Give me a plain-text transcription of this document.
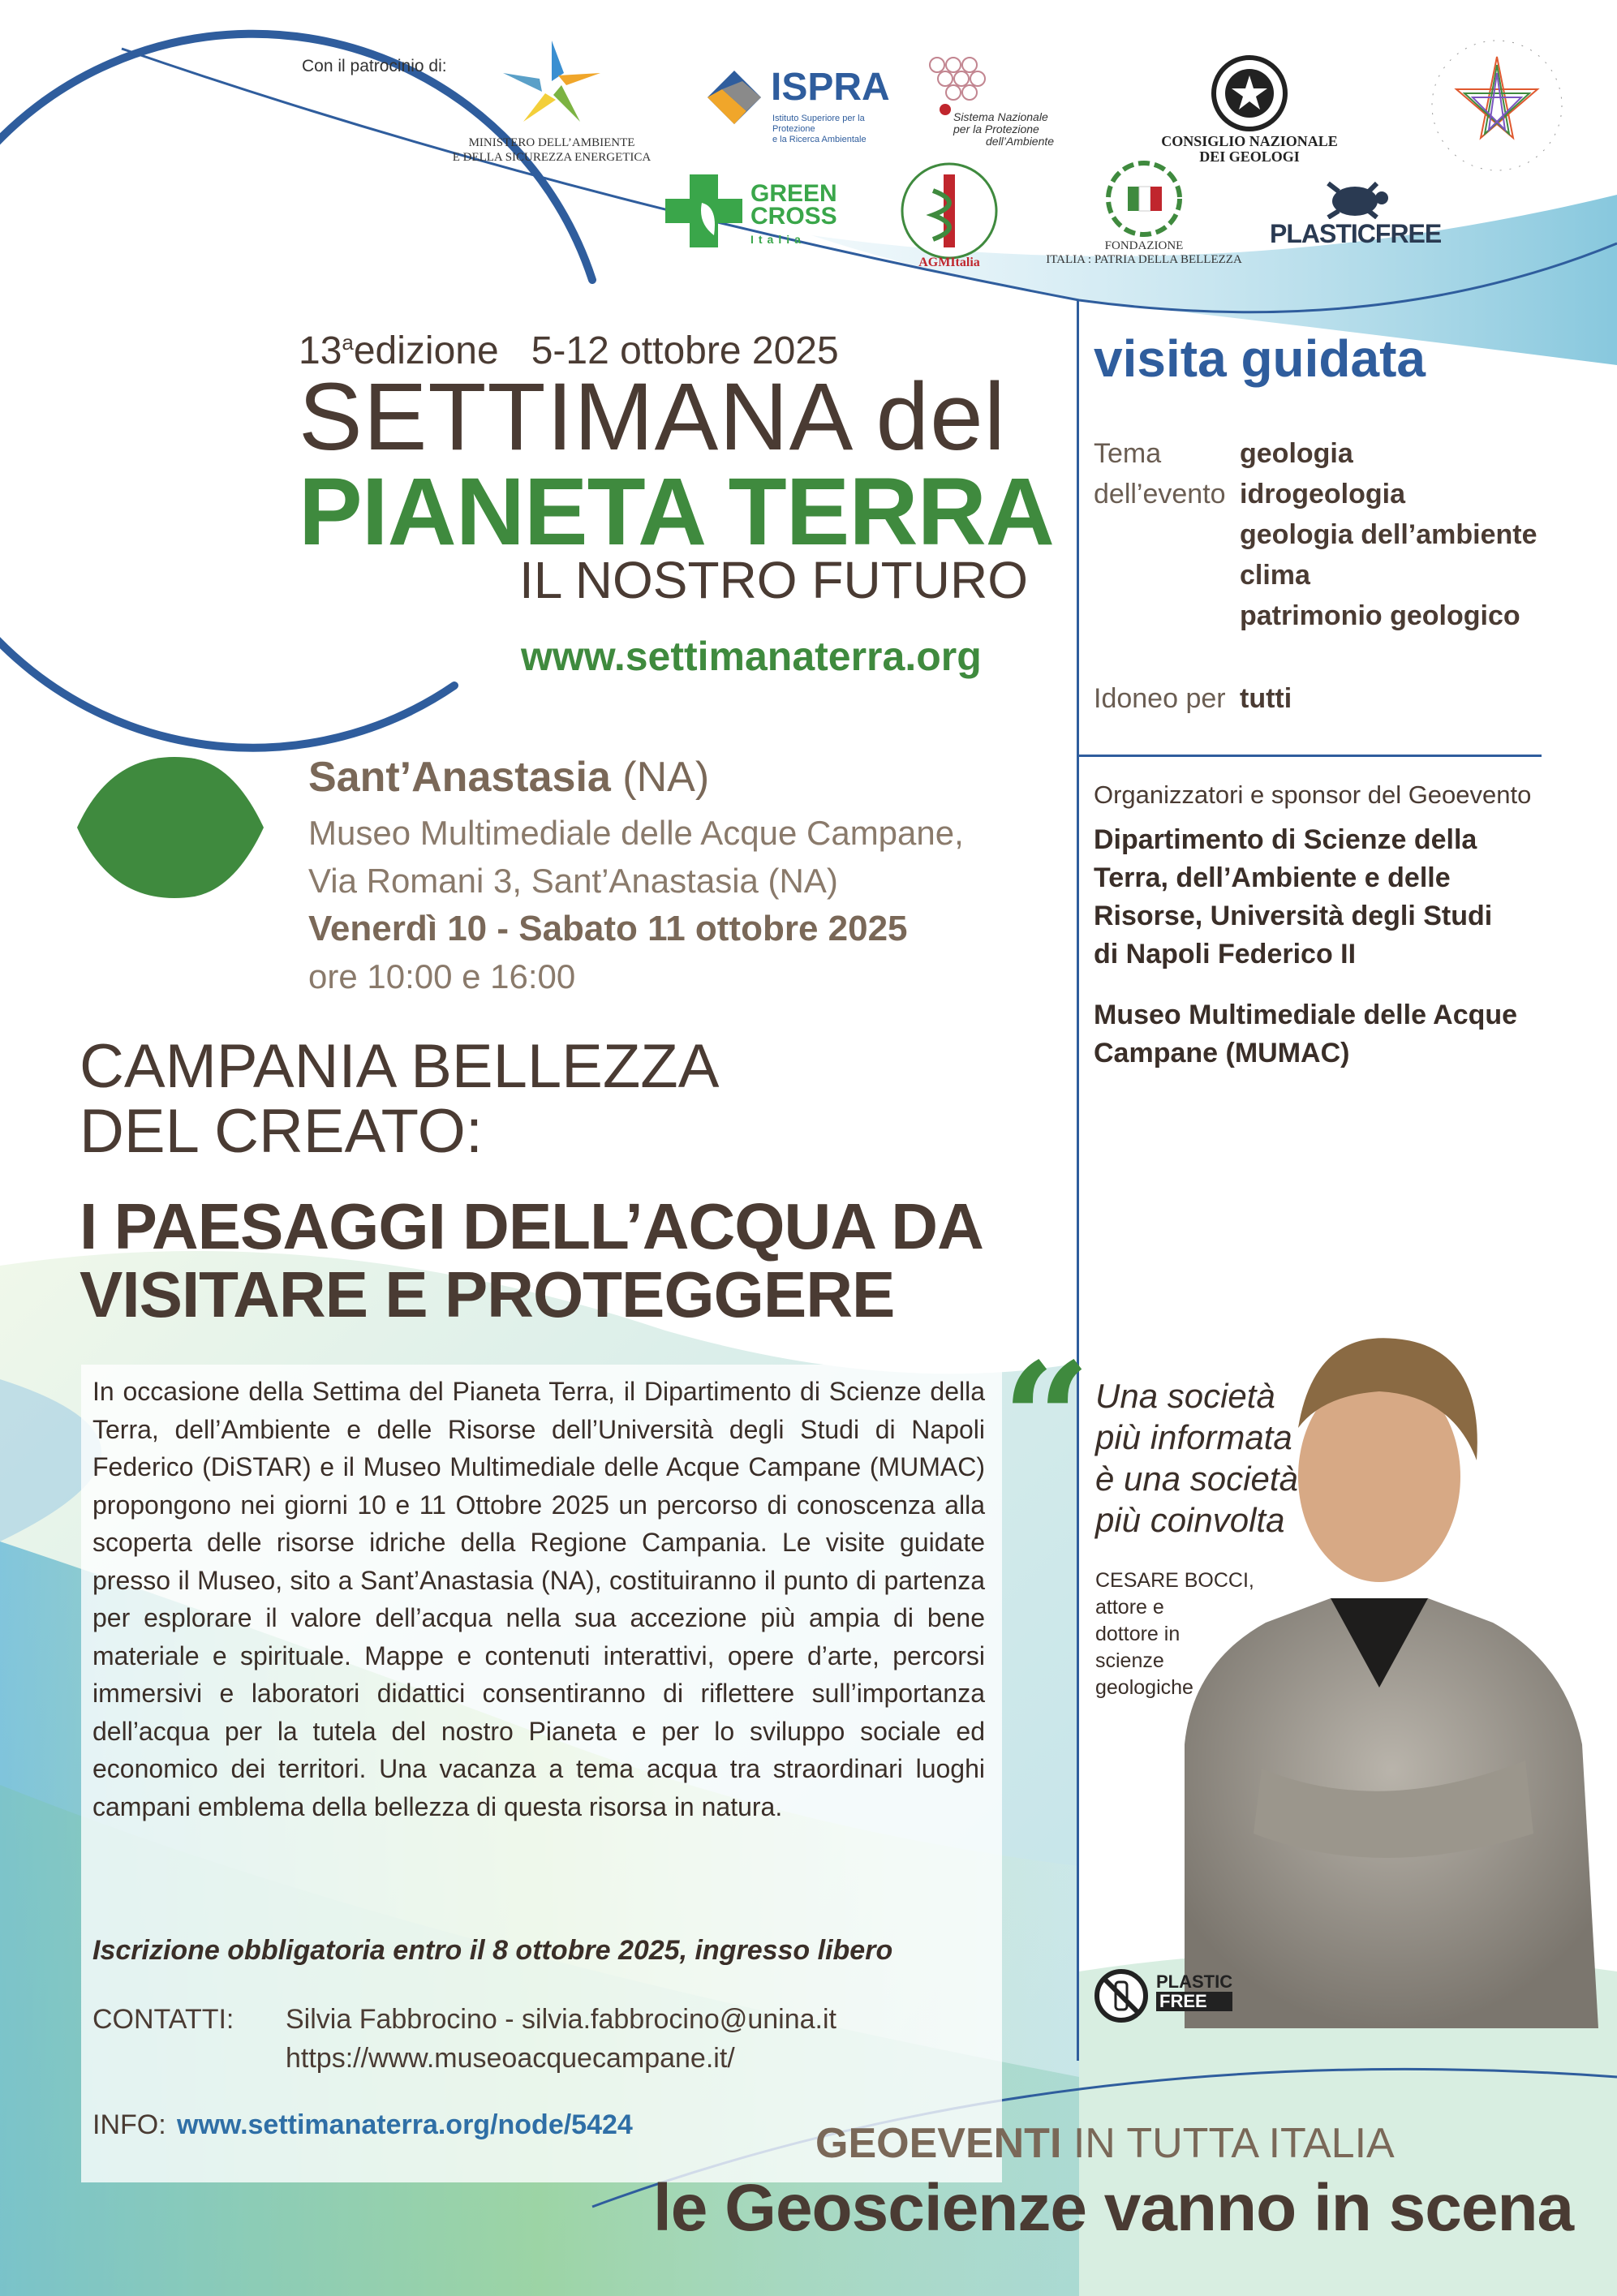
Con il patrocinio di:
MINISTERO DELL’AMBIENTE
E DELLA SICUREZZA ENERGETICA
ISPRA
Istituto Superiore per la Protezione
e la Ricerca Ambientale
Sistema Nazionale
per la Protezione
dell’Ambiente	CONSIGLIO NAZIONALE
DEI GEOLOGI
GREEN
CROSS
Italia
AGMItalia
FONDAZIONE
ITALIA : PATRIA DELLA BELLEZZA
PLASTICFREE
13$^a$edizione 5-12 ottobre 2025
SETTIMANA del
PIANETA TERRA
IL NOSTRO FUTURO
www.settimanaterra.org
Sant’Anastasia (NA)
Museo Multimediale delle Acque Campane,
Via Romani 3, Sant’Anastasia (NA)
Venerdì 10 - Sabato 11 ottobre 2025
ore 10:00 e 16:00
CAMPANIA BELLEZZA
DEL CREATO:
I PAESAGGI DELL’ACQUA DA
VISITARE E PROTEGGERE
In occasione della Settima del Pianeta Terra, il Dipartimento di Scienze della Terra, dell’Ambiente e delle Risorse dell’Università degli Studi di Napoli Federico (DiSTAR) e il Museo Multimediale delle Acque Campane (MUMAC) propongono nei giorni 10 e 11 Ottobre 2025 un percorso di conoscenza alla scoperta delle risorse idriche della Regione Campania. Le visite guidate presso il Museo, sito a Sant’Anastasia (NA), costituiranno il punto di partenza per esplorare il valore dell’acqua nella sua accezione più ampia di bene materiale e spirituale. Mappe e contenuti interattivi, opere d’arte, percorsi immersivi e laboratori didattici consentiranno di riflettere sull’importanza dell’acqua per la tutela del nostro Pianeta e per lo sviluppo sociale ed economico dei territori. Una vacanza a tema acqua tra straordinari luoghi campani emblema della bellezza di questa risorsa in natura.
Iscrizione obbligatoria entro il 8 ottobre 2025, ingresso libero
CONTATTI: Silvia Fabbrocino - silvia.fabbrocino@unina.it
https://www.museoacquecampane.it/
INFO: www.settimanaterra.org/node/5424
visita guidata
Tema
dell’evento
geologia
idrogeologia
geologia dell’ambiente
clima
patrimonio geologico
Idoneo per tutti
Organizzatori e sponsor del Geoevento
Dipartimento di Scienze della
Terra, dell’Ambiente e delle
Risorse, Università degli Studi
di Napoli Federico II
Museo Multimediale delle Acque
Campane (MUMAC)
“ Una società
più informata
è una società
più coinvolta
CESARE BOCCI,
attore e
dottore in
scienze
geologiche
PLASTIC
FREE
GEOEVENTI IN TUTTA ITALIA
le Geoscienze vanno in scena
